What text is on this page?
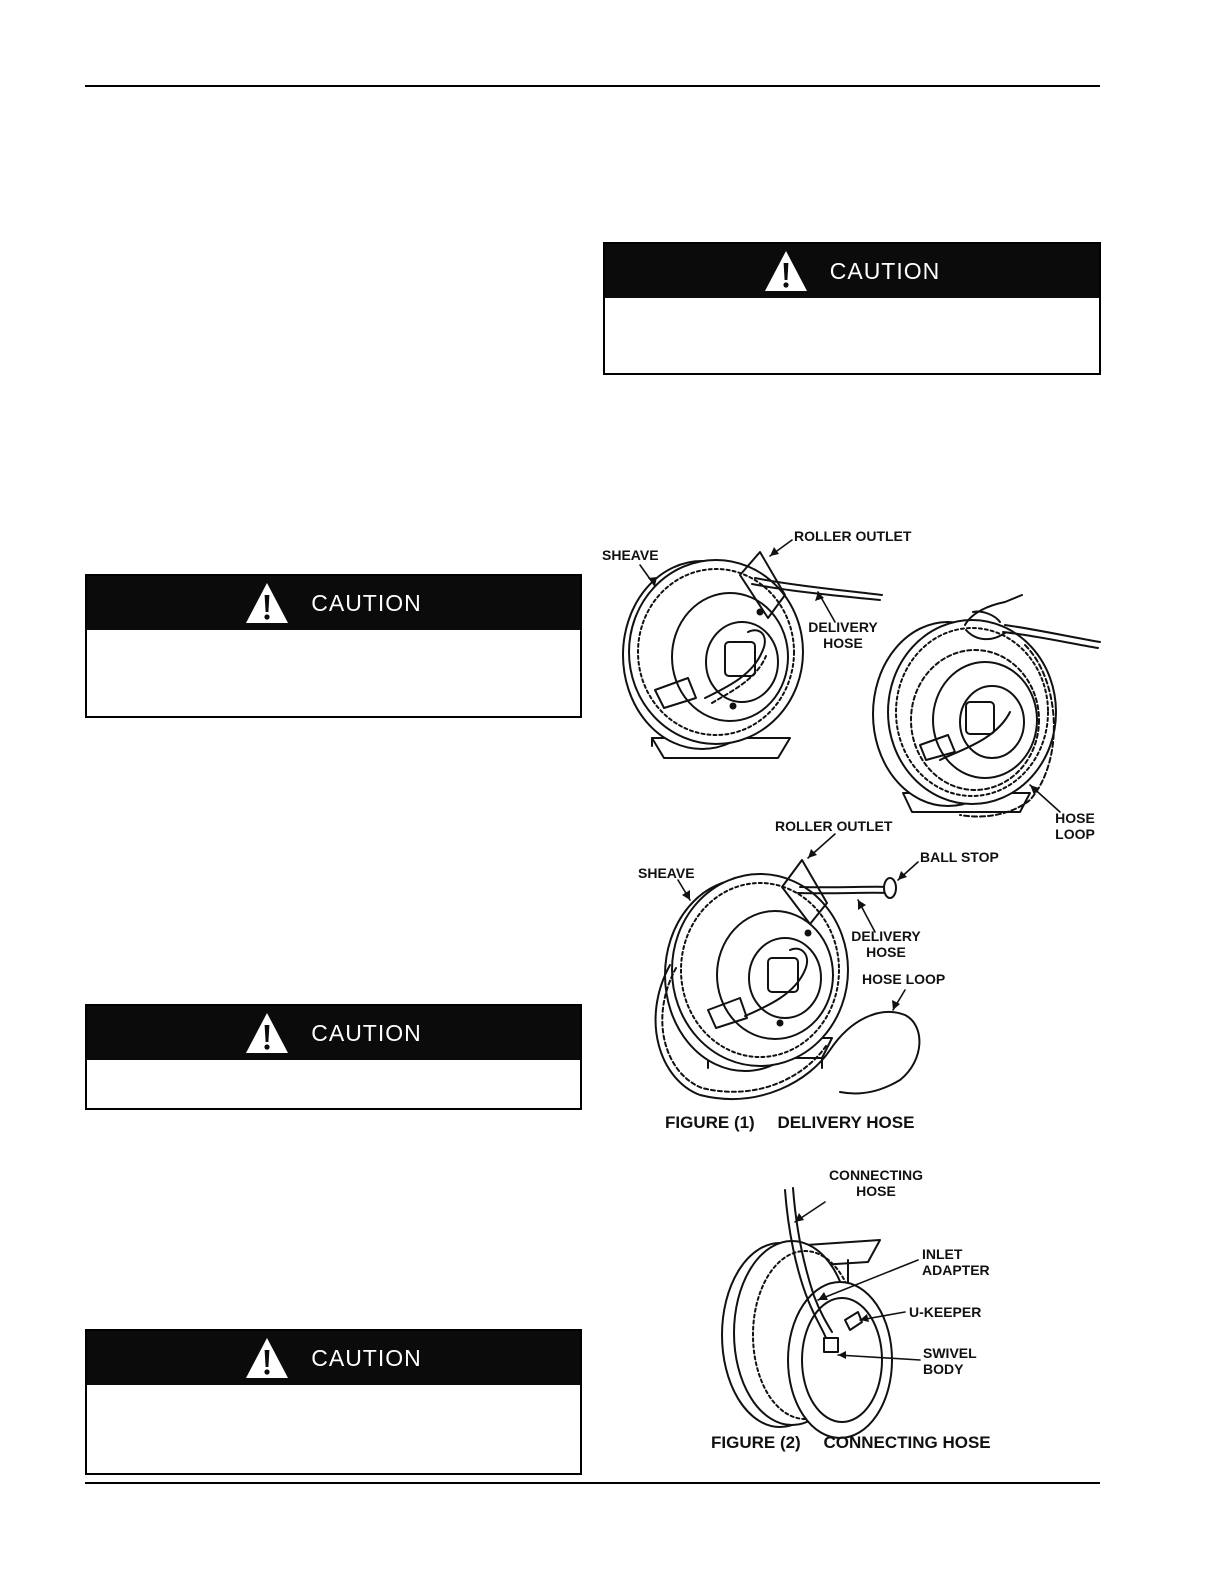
CAUTION
CAUTION
CAUTION
CAUTION
SHEAVE
ROLLER OUTLET
DELIVERY
HOSE
HOSE
LOOP
ROLLER OUTLET
SHEAVE
BALL STOP
DELIVERY
HOSE
HOSE LOOP
FIGURE (1) DELIVERY HOSE
CONNECTING
HOSE
INLET
ADAPTER
U-KEEPER
SWIVEL
BODY
FIGURE (2) CONNECTING HOSE
